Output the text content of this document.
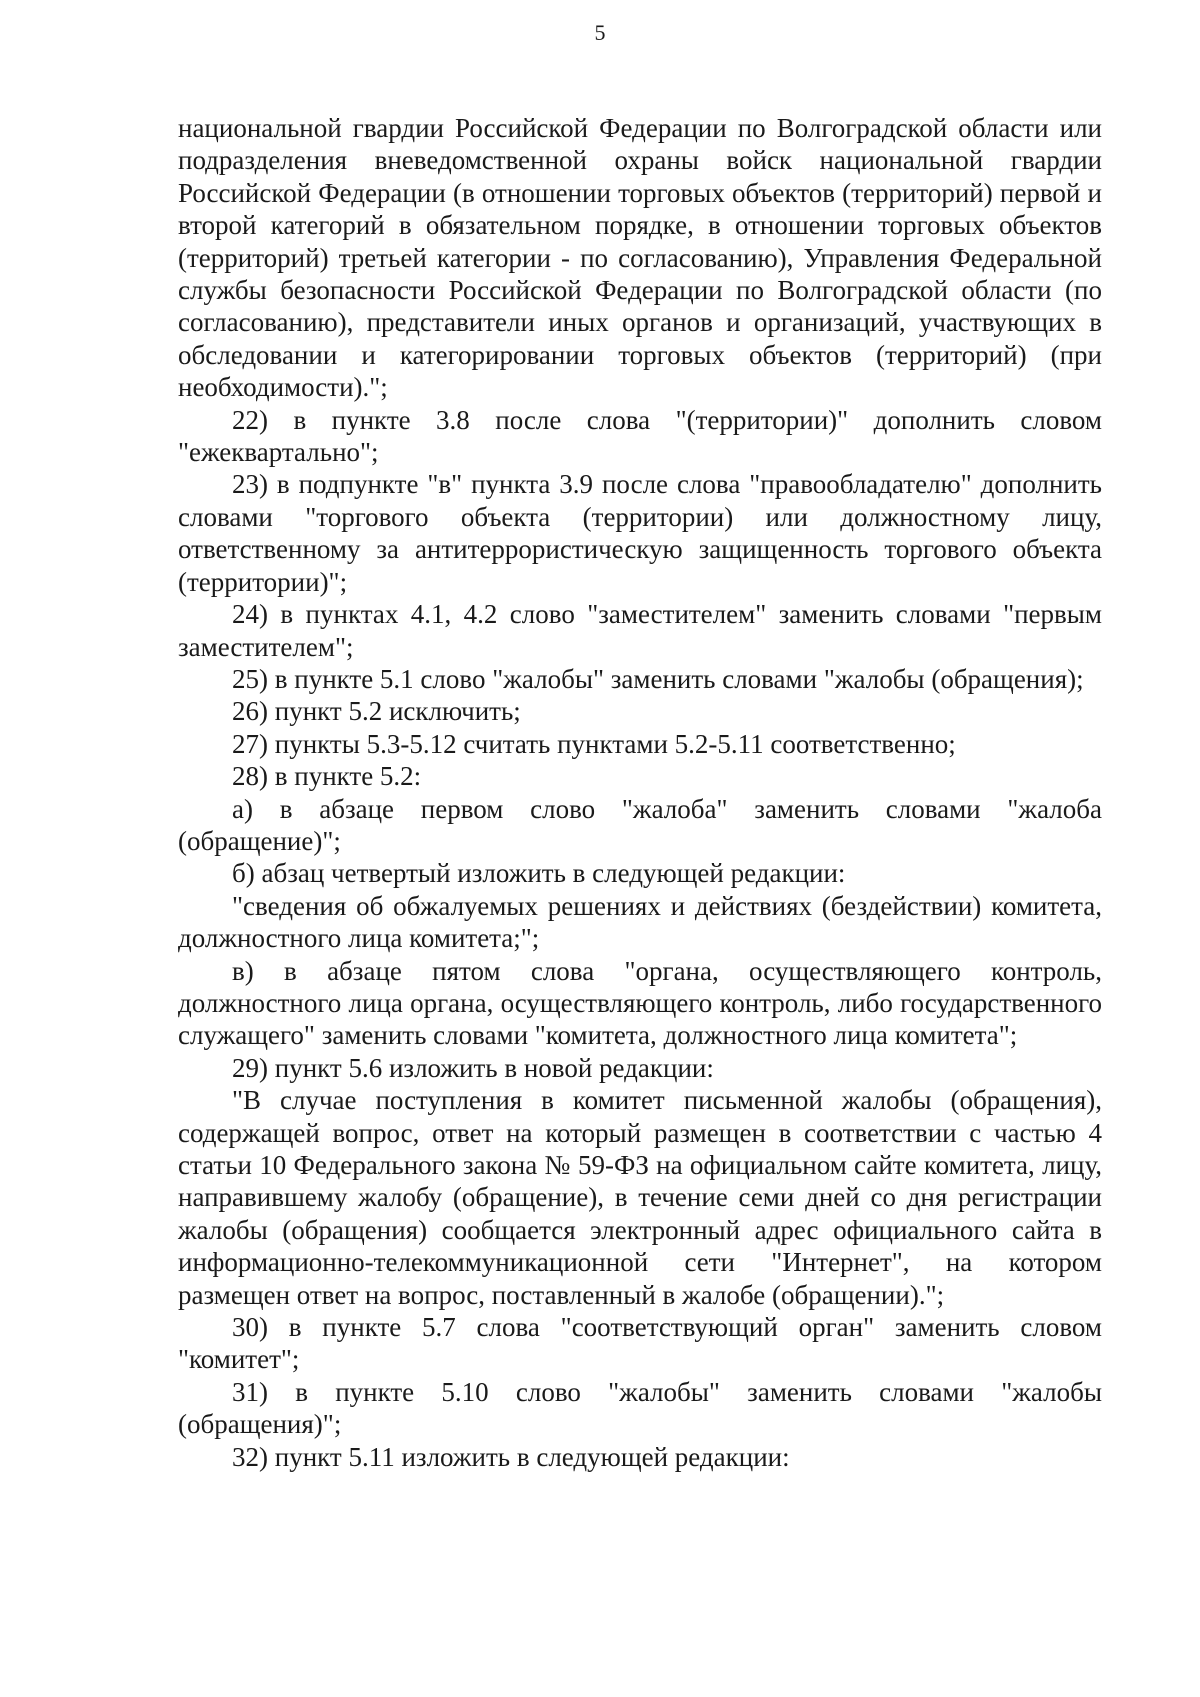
5

национальной гвардии Российской Федерации по Волгоградской области или подразделения вневедомственной охраны войск национальной гвардии Российской Федерации (в отношении торговых объектов (территорий) первой и второй категорий в обязательном порядке, в отношении торговых объектов (территорий) третьей категории - по согласованию), Управления Федеральной службы безопасности Российской Федерации по Волгоградской области (по согласованию), представители иных органов и организаций, участвующих в обследовании и категорировании торговых объектов (территорий) (при необходимости).";

22) в пункте 3.8 после слова "(территории)" дополнить словом "ежеквартально";

23) в подпункте "в" пункта 3.9 после слова "правообладателю" дополнить словами "торгового объекта (территории) или должностному лицу, ответственному за антитеррористическую защищенность торгового объекта (территории)";

24) в пунктах 4.1, 4.2 слово "заместителем" заменить словами "первым заместителем";

25) в пункте 5.1 слово "жалобы" заменить словами "жалобы (обращения);

26) пункт 5.2 исключить;

27) пункты 5.3-5.12 считать пунктами 5.2-5.11 соответственно;

28) в пункте 5.2:

а) в абзаце первом слово "жалоба" заменить словами "жалоба (обращение)";

б) абзац четвертый изложить в следующей редакции:

"сведения об обжалуемых решениях и действиях (бездействии) комитета, должностного лица комитета;";

в) в абзаце пятом слова "органа, осуществляющего контроль, должностного лица органа, осуществляющего контроль, либо государственного служащего" заменить словами "комитета, должностного лица комитета";

29) пункт 5.6 изложить в новой редакции:

"В случае поступления в комитет письменной жалобы (обращения), содержащей вопрос, ответ на который размещен в соответствии с частью 4 статьи 10 Федерального закона № 59-ФЗ на официальном сайте комитета, лицу, направившему жалобу (обращение), в течение семи дней со дня регистрации жалобы (обращения) сообщается электронный адрес официального сайта в информационно-телекоммуникационной сети "Интернет", на котором размещен ответ на вопрос, поставленный в жалобе (обращении).";

30) в пункте 5.7 слова "соответствующий орган" заменить словом "комитет";

31) в пункте 5.10 слово "жалобы" заменить словами "жалобы (обращения)";

32) пункт 5.11 изложить в следующей редакции:
